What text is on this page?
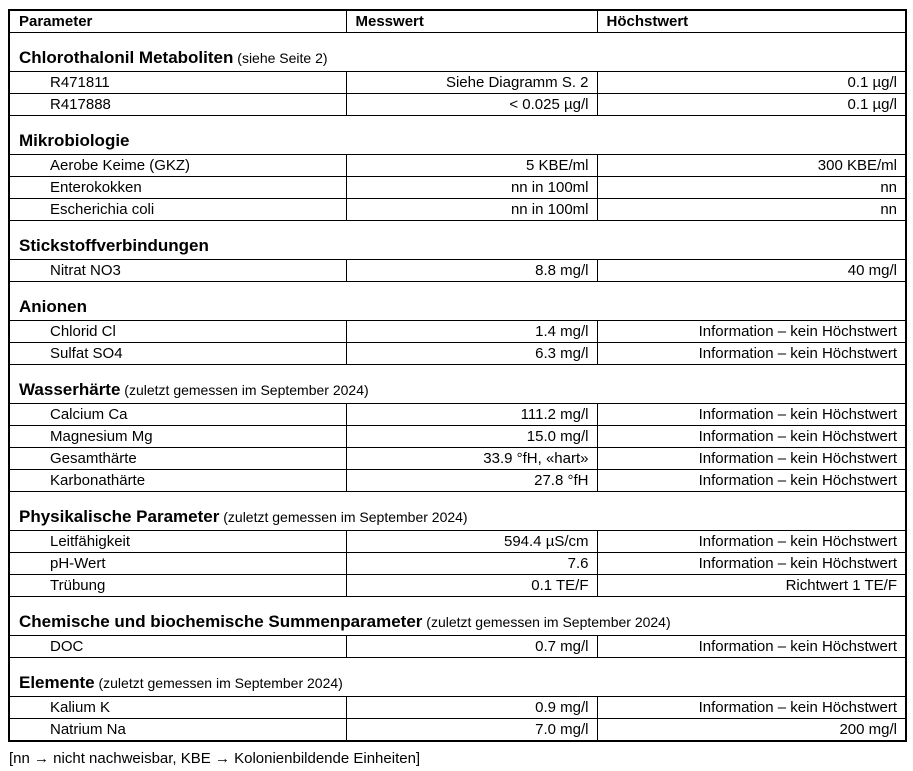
Parameter	Messwert	Höchstwert
Chlorothalonil Metaboliten (siehe Seite 2)		
R471811	Siehe Diagramm S. 2	0.1 µg/l
R417888	< 0.025 µg/l	0.1 µg/l
Mikrobiologie		
Aerobe Keime (GKZ)	5 KBE/ml	300 KBE/ml
Enterokokken	nn in 100ml	nn
Escherichia coli	nn in 100ml	nn
Stickstoffverbindungen		
Nitrat NO3	8.8 mg/l	40 mg/l
Anionen		
Chlorid Cl	1.4 mg/l	Information – kein Höchstwert
Sulfat SO4	6.3 mg/l	Information – kein Höchstwert
Wasserhärte (zuletzt gemessen im September 2024)		
Calcium Ca	111.2 mg/l	Information – kein Höchstwert
Magnesium Mg	15.0 mg/l	Information – kein Höchstwert
Gesamthärte	33.9 °fH, «hart»	Information – kein Höchstwert
Karbonathärte	27.8 °fH	Information – kein Höchstwert
Physikalische Parameter (zuletzt gemessen im September 2024)		
Leitfähigkeit	594.4 µS/cm	Information – kein Höchstwert
pH-Wert	7.6	Information – kein Höchstwert
Trübung	0.1 TE/F	Richtwert 1 TE/F
Chemische und biochemische Summenparameter (zuletzt gemessen im September 2024)		
DOC	0.7 mg/l	Information – kein Höchstwert
Elemente (zuletzt gemessen im September 2024)		
Kalium K	0.9 mg/l	Information – kein Höchstwert
Natrium Na	7.0 mg/l	200 mg/l
[nn → nicht nachweisbar, KBE → Kolonienbildende Einheiten]
